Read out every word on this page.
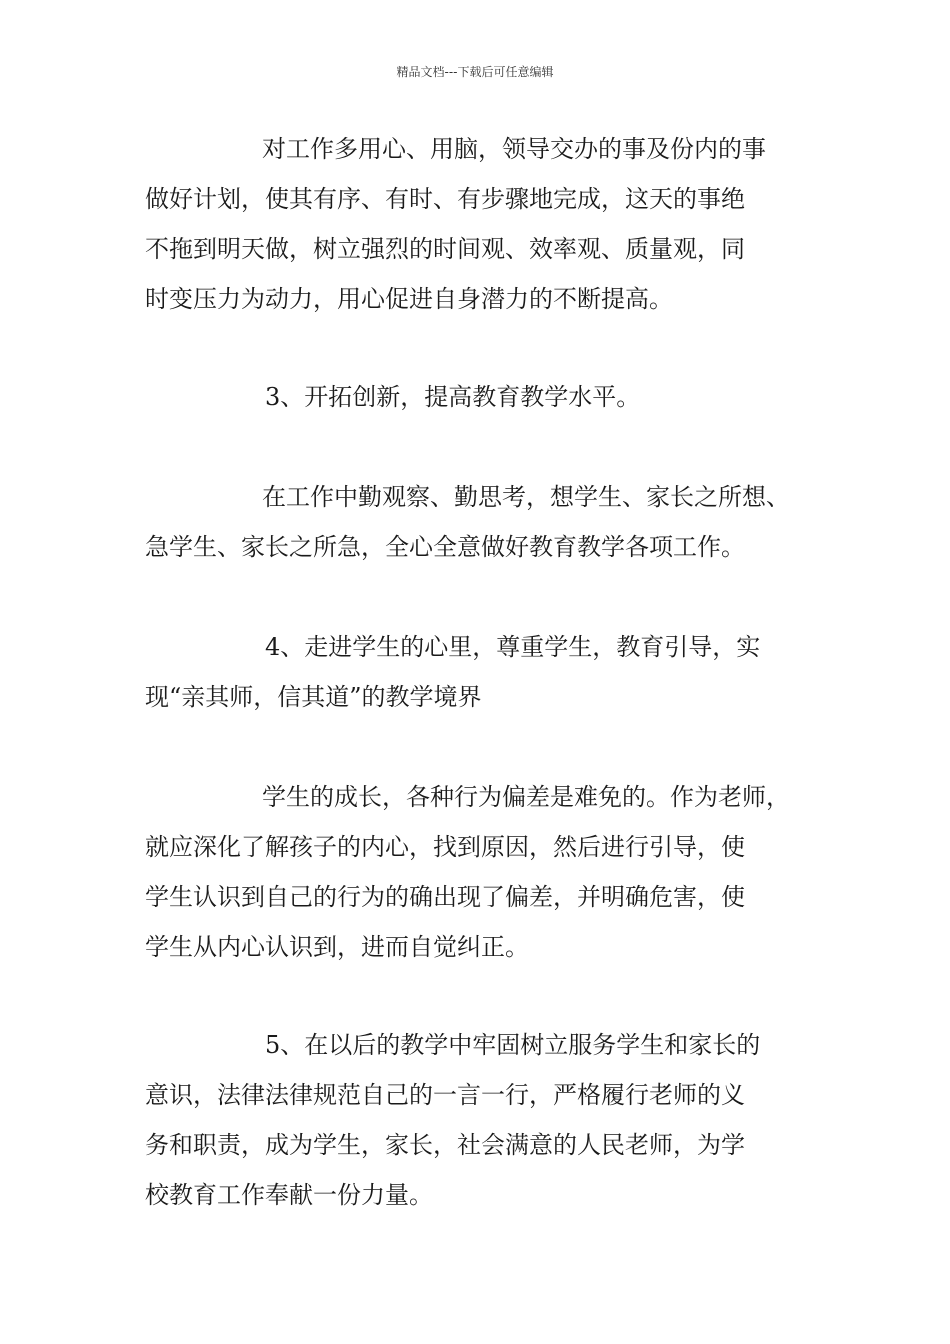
精品文档---下载后可任意编辑
对工作多用心、用脑，领导交办的事及份内的事
做好计划，使其有序、有时、有步骤地完成，这天的事绝
不拖到明天做，树立强烈的时间观、效率观、质量观，同
时变压力为动力，用心促进自身潜力的不断提高。
3、开拓创新，提高教育教学水平。
在工作中勤观察、勤思考，想学生、家长之所想、
急学生、家长之所急，全心全意做好教育教学各项工作。
4、走进学生的心里，尊重学生，教育引导，实
现“亲其师，信其道”的教学境界
学生的成长，各种行为偏差是难免的。作为老师，
就应深化了解孩子的内心，找到原因，然后进行引导，使
学生认识到自己的行为的确出现了偏差，并明确危害，使
学生从内心认识到，进而自觉纠正。
5、在以后的教学中牢固树立服务学生和家长的
意识，法律法律规范自己的一言一行，严格履行老师的义
务和职责，成为学生，家长，社会满意的人民老师，为学
校教育工作奉献一份力量。
